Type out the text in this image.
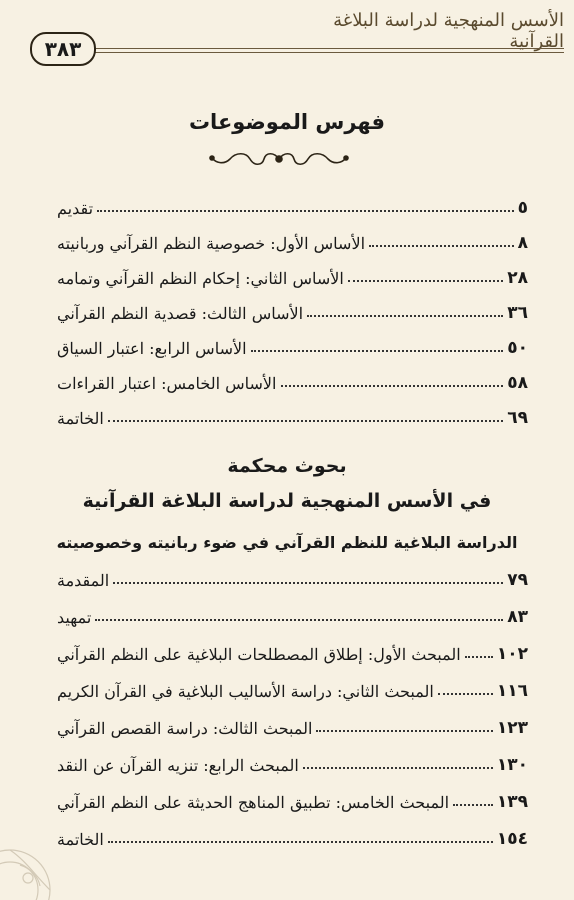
الأسس المنهجية لدراسة البلاغة القرآنية
٣٨٣
فهرس الموضوعات
تقديم	٥
الأساس الأول: خصوصية النظم القرآني وربانيته	٨
الأساس الثاني: إحكام النظم القرآني وتمامه	٢٨
الأساس الثالث: قصدية النظم القرآني	٣٦
الأساس الرابع: اعتبار السياق	٥٠
الأساس الخامس: اعتبار القراءات	٥٨
الخاتمة	٦٩
بحوث محكمة
في الأسس المنهجية لدراسة البلاغة القرآنية
الدراسة البلاغية للنظم القرآني في ضوء ربانيته وخصوصيته
المقدمة	٧٩
تمهيد	٨٣
المبحث الأول: إطلاق المصطلحات البلاغية على النظم القرآني ١٠٢
المبحث الثاني: دراسة الأساليب البلاغية في القرآن الكريم	١١٦
المبحث الثالث: دراسة القصص القرآني	١٢٣
المبحث الرابع: تنزيه القرآن عن النقد	١٣٠
المبحث الخامس: تطبيق المناهج الحديثة على النظم القرآني	١٣٩
الخاتمة	١٥٤
